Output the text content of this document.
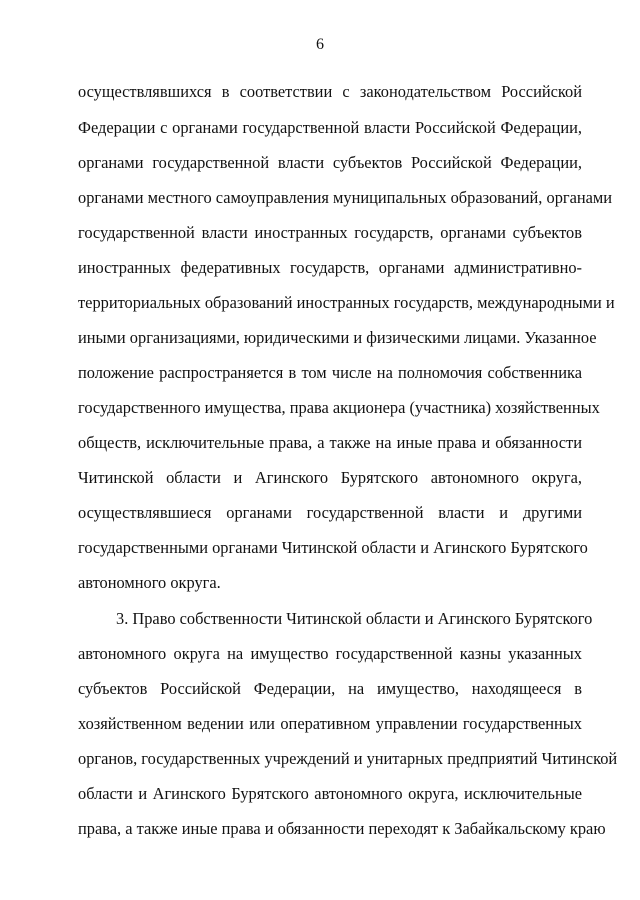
6
осуществлявшихся в соответствии с законодательством Российской
Федерации с органами государственной власти Российской Федерации,
органами государственной власти субъектов Российской Федерации,
органами местного самоуправления муниципальных образований, органами
государственной власти иностранных государств, органами субъектов
иностранных федеративных государств, органами административно-
территориальных образований иностранных государств, международными и
иными организациями, юридическими и физическими лицами. Указанное
положение распространяется в том числе на полномочия собственника
государственного имущества, права акционера (участника) хозяйственных
обществ, исключительные права, а также на иные права и обязанности
Читинской области и Агинского Бурятского автономного округа,
осуществлявшиеся органами государственной власти и другими
государственными органами Читинской области и Агинского Бурятского
автономного округа.
3. Право собственности Читинской области и Агинского Бурятского
автономного округа на имущество государственной казны указанных
субъектов Российской Федерации, на имущество, находящееся в
хозяйственном ведении или оперативном управлении государственных
органов, государственных учреждений и унитарных предприятий Читинской
области и Агинского Бурятского автономного округа, исключительные
права, а также иные права и обязанности переходят к Забайкальскому краю
